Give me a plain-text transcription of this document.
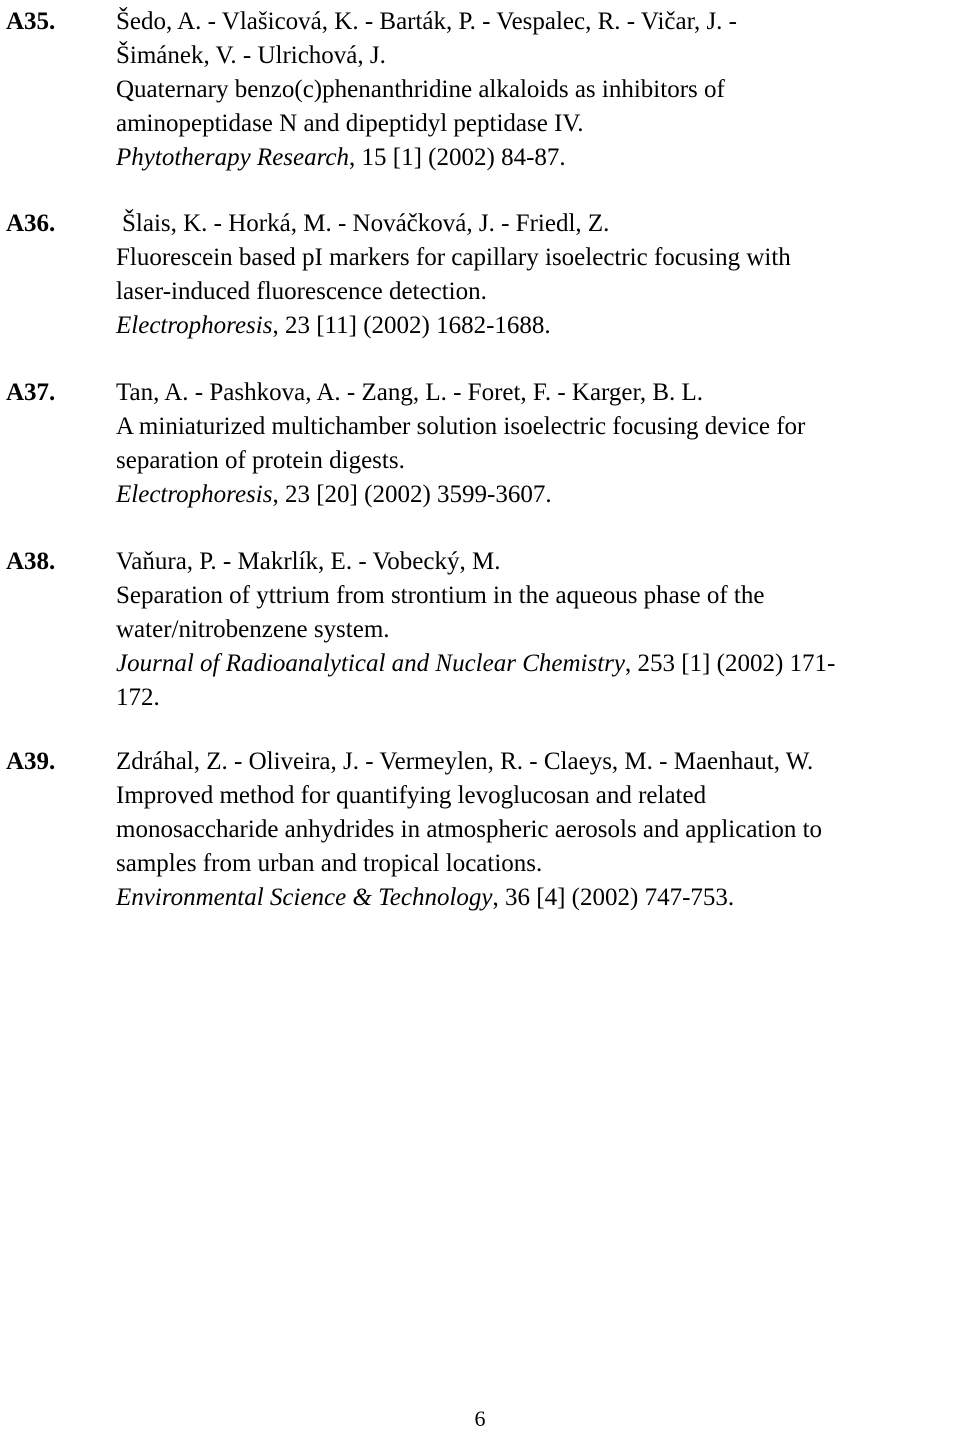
A35. Šedo, A. - Vlašicová, K. - Barták, P. - Vespalec, R. - Vičar, J. -
Šimánek, V. - Ulrichová, J.
Quaternary benzo(c)phenanthridine alkaloids as inhibitors of
aminopeptidase N and dipeptidyl peptidase IV.
Phytotherapy Research, 15 [1] (2002) 84-87.
A36.	Šlais, K. - Horká, M. - Nováčková, J. - Friedl, Z.
Fluorescein based pI markers for capillary isoelectric focusing with
laser-induced fluorescence detection.
Electrophoresis, 23 [11] (2002) 1682-1688.
A37. Tan, A. - Pashkova, A. - Zang, L. - Foret, F. - Karger, B. L.
A miniaturized multichamber solution isoelectric focusing device for
separation of protein digests.
Electrophoresis, 23 [20] (2002) 3599-3607.
A38. Vaňura, P. - Makrlík, E. - Vobecký, M.
Separation of yttrium from strontium in the aqueous phase of the
water/nitrobenzene system.
Journal of Radioanalytical and Nuclear Chemistry, 253 [1] (2002) 171-
172.
A39. Zdráhal, Z. - Oliveira, J. - Vermeylen, R. - Claeys, M. - Maenhaut, W.
Improved method for quantifying levoglucosan and related
monosaccharide anhydrides in atmospheric aerosols and application to
samples from urban and tropical locations.
Environmental Science & Technology, 36 [4] (2002) 747-753.
6
